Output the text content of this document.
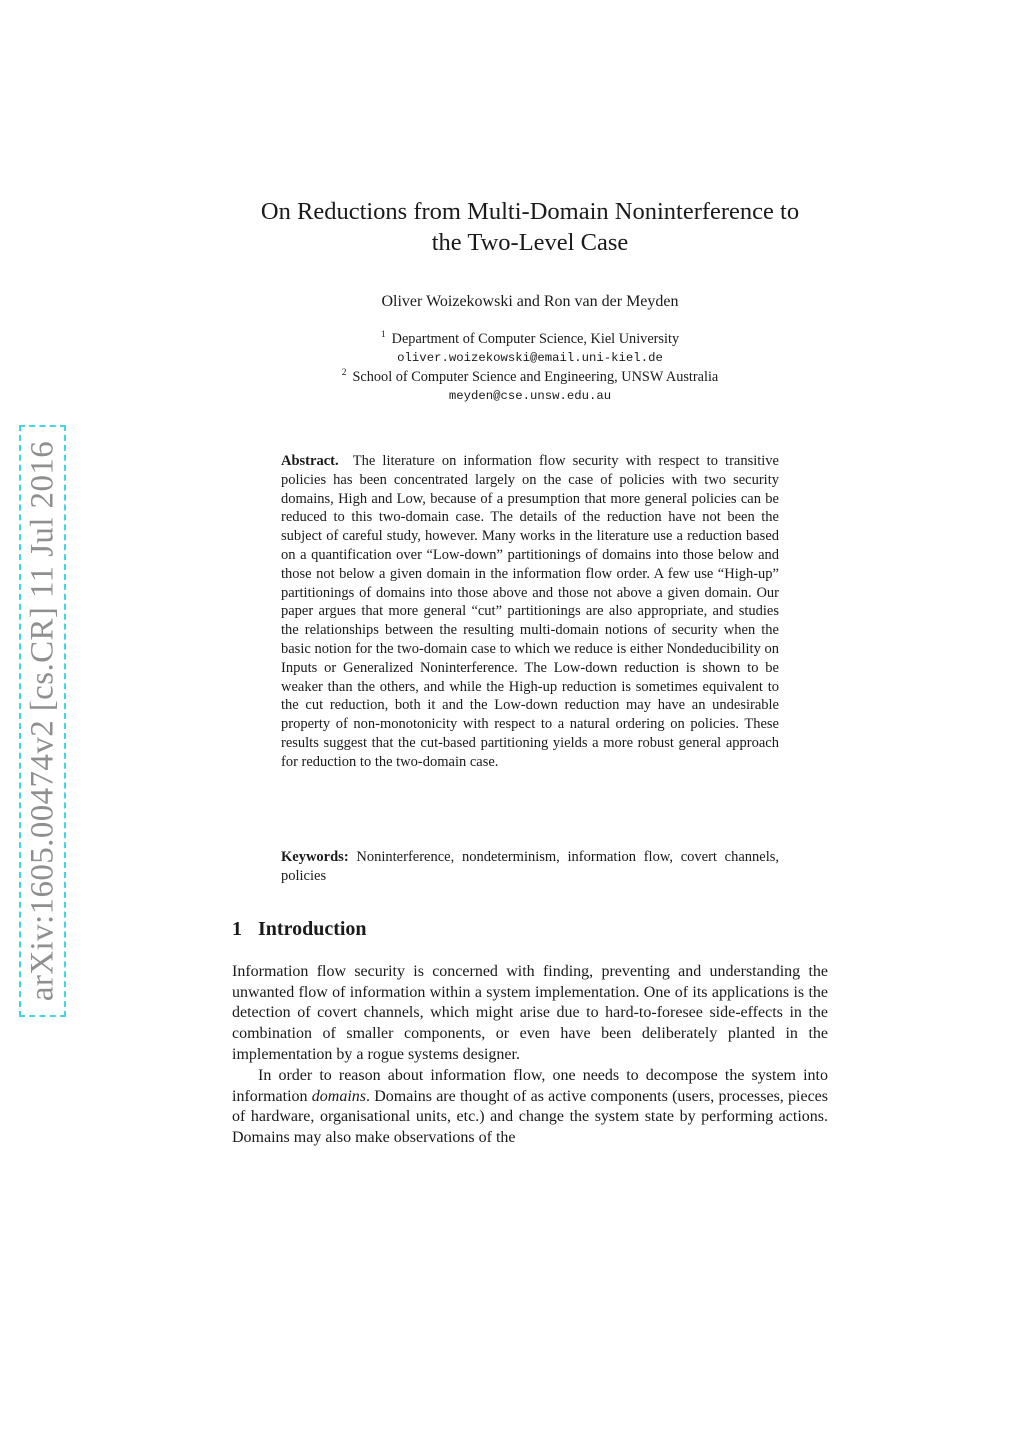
arXiv:1605.00474v2 [cs.CR] 11 Jul 2016
On Reductions from Multi-Domain Noninterference to
the Two-Level Case
Oliver Woizekowski and Ron van der Meyden
$^1$ Department of Computer Science, Kiel University
oliver.woizekowski@email.uni-kiel.de
$^2$ School of Computer Science and Engineering, UNSW Australia
meyden@cse.unsw.edu.au

Abstract. The literature on information flow security with respect to transitive policies has been concentrated largely on the case of policies with two security domains, High and Low, because of a presumption that more general policies can be reduced to this two-domain case. The details of the reduction have not been the subject of careful study, however. Many works in the literature use a reduction based on a quantification over “Low-down” partitionings of domains into those below and those not below a given domain in the information flow order. A few use “High-up” partitionings of domains into those above and those not above a given domain. Our paper argues that more general “cut” partitionings are also appropriate, and studies the relationships between the resulting multi-domain notions of security when the basic notion for the two-domain case to which we reduce is either Nondeducibility on Inputs or Generalized Noninterference. The Low-down reduction is shown to be weaker than the others, and while the High-up reduction is sometimes equivalent to the cut reduction, both it and the Low-down reduction may have an undesirable property of non-monotonicity with respect to a natural ordering on policies. These results suggest that the cut-based partitioning yields a more robust general approach for reduction to the two-domain case.

Keywords: Noninterference, nondeterminism, information flow, covert channels, policies

1 Introduction

Information flow security is concerned with finding, preventing and understanding the unwanted flow of information within a system implementation. One of its applications is the detection of covert channels, which might arise due to hard-to-foresee side-effects in the combination of smaller components, or even have been deliberately planted in the implementation by a rogue systems designer.

In order to reason about information flow, one needs to decompose the system into information domains. Domains are thought of as active components (users, processes, pieces of hardware, organisational units, etc.) and change the system state by performing actions. Domains may also make observations of the
